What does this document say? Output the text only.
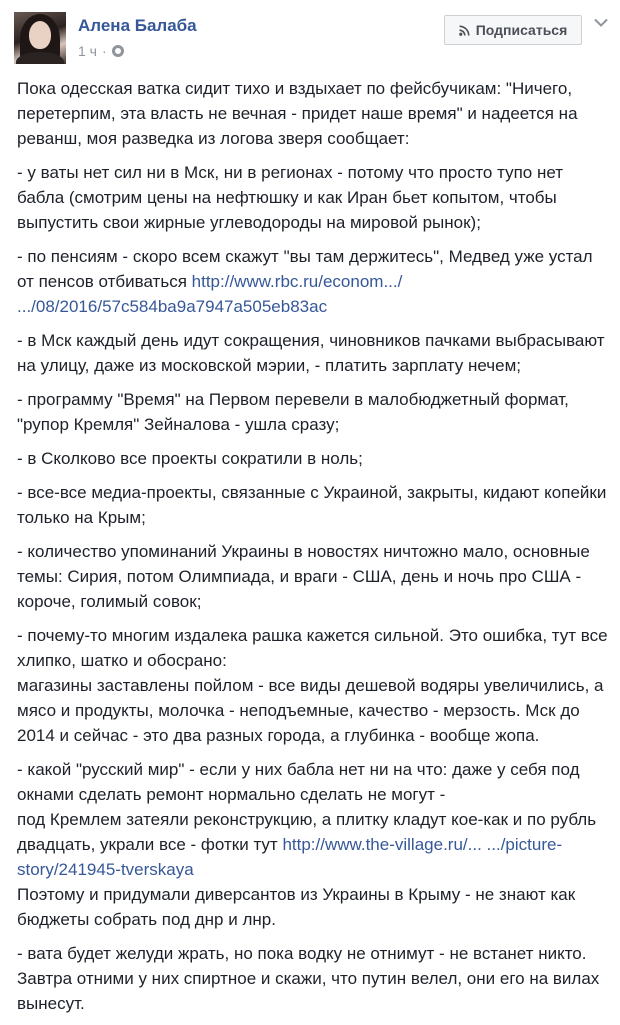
Алена Балаба
1 ч ·
Подписаться

Пока одесская ватка сидит тихо и вздыхает по фейсбучикам: "Ничего, перетерпим, эта власть не вечная - придет наше время" и надеется на реванш, моя разведка из логова зверя сообщает:

- у ваты нет сил ни в Мск, ни в регионах - потому что просто тупо нет бабла (смотрим цены на нефтюшку и как Иран бьет копытом, чтобы выпустить свои жирные углеводороды на мировой рынок);

- по пенсиям - скоро всем скажут "вы там держитесь", Медвед уже устал от пенсов отбиваться http://www.rbc.ru/econom.../ .../08/2016/57c584ba9a7947a505eb83ac

- в Мск каждый день идут сокращения, чиновников пачками выбрасывают на улицу, даже из московской мэрии, - платить зарплату нечем;

- программу "Время" на Первом перевели в малобюджетный формат, "рупор Кремля" Зейналова - ушла сразу;

- в Сколково все проекты сократили в ноль;

- все-все медиа-проекты, связанные с Украиной, закрыты, кидают копейки только на Крым;

- количество упоминаний Украины в новостях ничтожно мало, основные темы: Сирия, потом Олимпиада, и враги - США, день и ночь про США - короче, голимый совок;

- почему-то многим издалека рашка кажется сильной. Это ошибка, тут все хлипко, шатко и обосрано:
магазины заставлены пойлом - все виды дешевой водяры увеличились, а мясо и продукты, молочка - неподъемные, качество - мерзость. Мск до 2014 и сейчас - это два разных города, а глубинка - вообще жопа.

- какой "русский мир" - если у них бабла нет ни на что: даже у себя под окнами сделать ремонт нормально сделать не могут -
под Кремлем затеяли реконструкцию, а плитку кладут кое-как и по рубль двадцать, украли все - фотки тут http://www.the-village.ru/... .../picture-story/241945-tverskaya
Поэтому и придумали диверсантов из Украины в Крыму - не знают как бюджеты собрать под днр и лнр.

- вата будет желуди жрать, но пока водку не отнимут - не встанет никто. Завтра отними у них спиртное и скажи, что путин велел, они его на вилах вынесут.
